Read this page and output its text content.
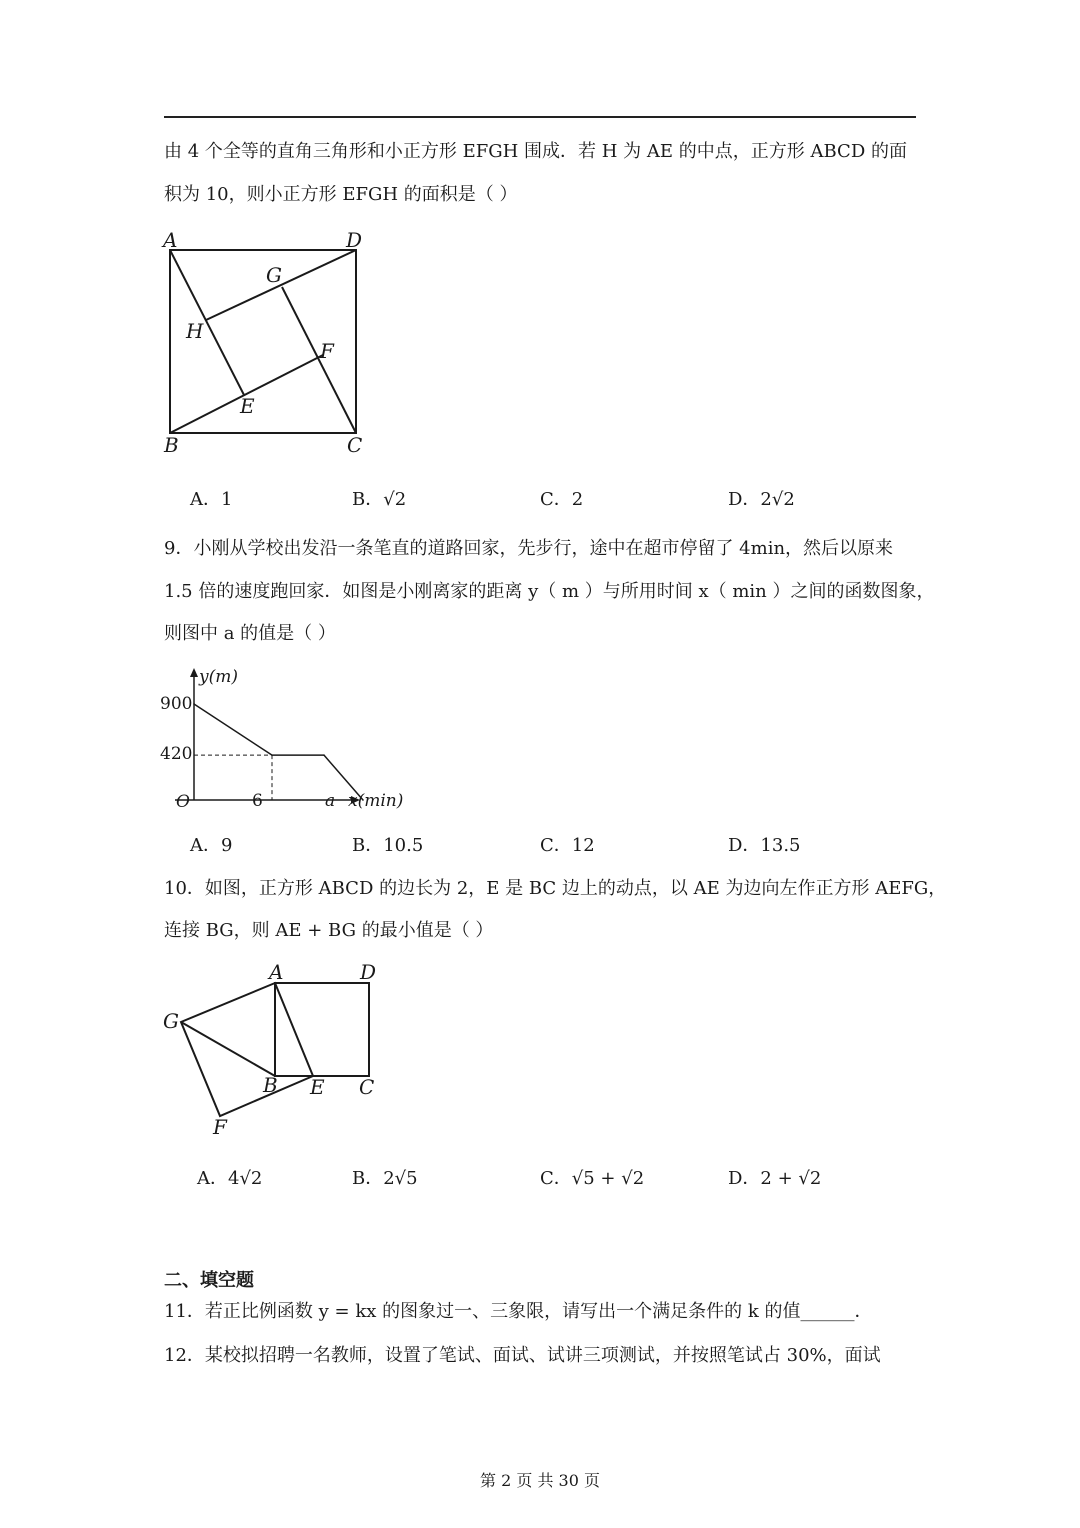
由 4 个全等的直角三角形和小正方形 EFGH 围成．若 H 为 AE 的中点，正方形 ABCD 的面
积为 10，则小正方形 EFGH 的面积是（ ）
A	D
G
H
F
E
B	C
A．1	B．√2	C．2	D．2√2
9．小刚从学校出发沿一条笔直的道路回家，先步行，途中在超市停留了 4min，然后以原来
1.5 倍的速度跑回家．如图是小刚离家的距离 y（ m ）与所用时间 x（ min ）之间的函数图象，
则图中 a 的值是（ ）
y(m)
x(min)
O
900
420
6	a
A．9	B．10.5	C．12	D．13.5
10．如图，正方形 ABCD 的边长为 2，E 是 BC 边上的动点，以 AE 为边向左作正方形 AEFG，
连接 BG，则 AE + BG 的最小值是（ ）
A	D
G
B E C
F
A．4√2	B．2√5	C．√5 + √2	D．2 + √2
二、填空题
11．若正比例函数 y = kx 的图象过一、三象限，请写出一个满足条件的 k 的值______．
12．某校拟招聘一名教师，设置了笔试、面试、试讲三项测试，并按照笔试占 30%，面试
第 2 页 共 30 页
